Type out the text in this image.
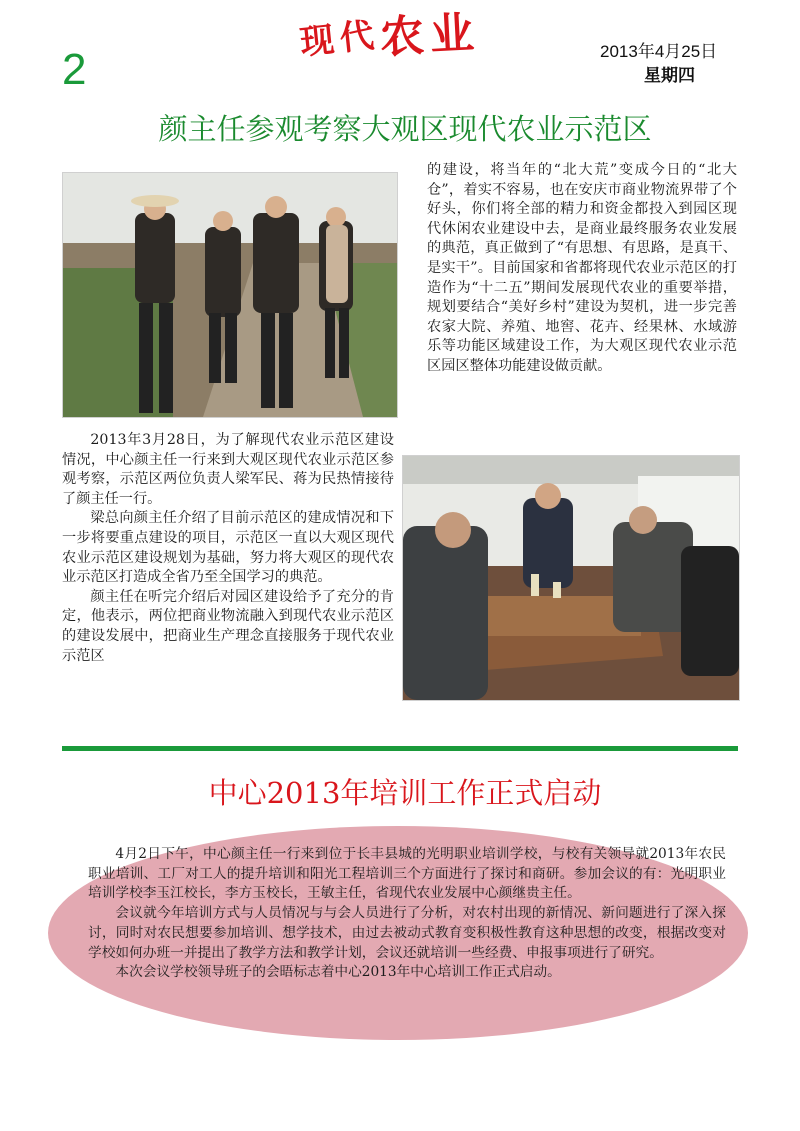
2
现代农业	2013年4月25日
星期四
颜主任参观考察大观区现代农业示范区

2013年3月28日，为了解现代农业示范区建设情况，中心颜主任一行来到大观区现代农业示范区参观考察，示范区两位负责人梁军民、蒋为民热情接待了颜主任一行。

梁总向颜主任介绍了目前示范区的建成情况和下一步将要重点建设的项目，示范区一直以大观区现代农业示范区建设规划为基础，努力将大观区的现代农业示范区打造成全省乃至全国学习的典范。

颜主任在听完介绍后对园区建设给予了充分的肯定，他表示，两位把商业物流融入到现代农业示范区的建设发展中，把商业生产理念直接服务于现代农业示范区

的建设，将当年的“北大荒”变成今日的“北大仓”，着实不容易，也在安庆市商业物流界带了个好头，你们将全部的精力和资金都投入到园区现代休闲农业建设中去，是商业最终服务农业发展的典范，真正做到了“有思想、有思路，是真干、是实干”。目前国家和省都将现代农业示范区的打造作为“十二五”期间发展现代农业的重要举措，规划要结合“美好乡村”建设为契机，进一步完善农家大院、养殖、地窖、花卉、经果林、水域游乐等功能区域建设工作，为大观区现代农业示范区园区整体功能建设做贡献。

中心2013年培训工作正式启动

4月2日下午，中心颜主任一行来到位于长丰县城的光明职业培训学校，与校有关领导就2013年农民职业培训、工厂对工人的提升培训和阳光工程培训三个方面进行了探讨和商研。参加会议的有：光明职业培训学校李玉江校长，李方玉校长，王敏主任，省现代农业发展中心颜继贵主任。

会议就今年培训方式与人员情况与与会人员进行了分析，对农村出现的新情况、新问题进行了深入探讨，同时对农民想要参加培训、想学技术，由过去被动式教育变积极性教育这种思想的改变，根据改变对学校如何办班一并提出了教学方法和教学计划，会议还就培训一些经费、申报事项进行了研究。

本次会议学校领导班子的会晤标志着中心2013年中心培训工作正式启动。
